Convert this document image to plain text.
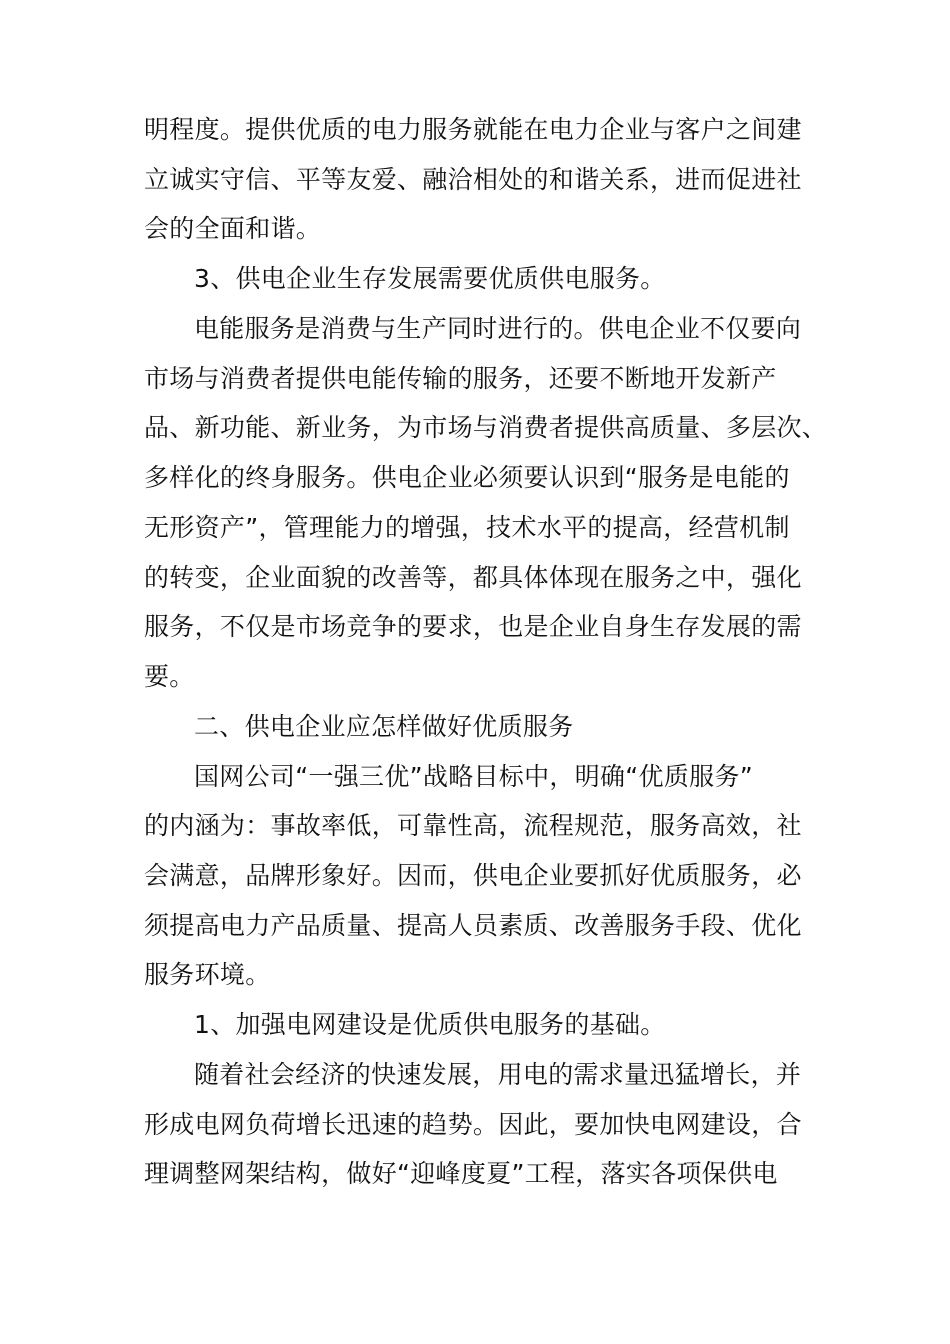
明程度。提供优质的电力服务就能在电力企业与客户之间建
立诚实守信、平等友爱、融洽相处的和谐关系，进而促进社
会的全面和谐。
3、供电企业生存发展需要优质供电服务。
电能服务是消费与生产同时进行的。供电企业不仅要向
市场与消费者提供电能传输的服务，还要不断地开发新产
品、新功能、新业务，为市场与消费者提供高质量、多层次、
多样化的终身服务。供电企业必须要认识到“服务是电能的
无形资产”，管理能力的增强，技术水平的提高，经营机制
的转变，企业面貌的改善等，都具体体现在服务之中，强化
服务，不仅是市场竞争的要求，也是企业自身生存发展的需
要。
二、供电企业应怎样做好优质服务
国网公司“一强三优”战略目标中，明确“优质服务”
的内涵为：事故率低，可靠性高，流程规范，服务高效，社
会满意，品牌形象好。因而，供电企业要抓好优质服务，必
须提高电力产品质量、提高人员素质、改善服务手段、优化
服务环境。
1、加强电网建设是优质供电服务的基础。
随着社会经济的快速发展，用电的需求量迅猛增长，并
形成电网负荷增长迅速的趋势。因此，要加快电网建设，合
理调整网架结构，做好“迎峰度夏”工程，落实各项保供电
